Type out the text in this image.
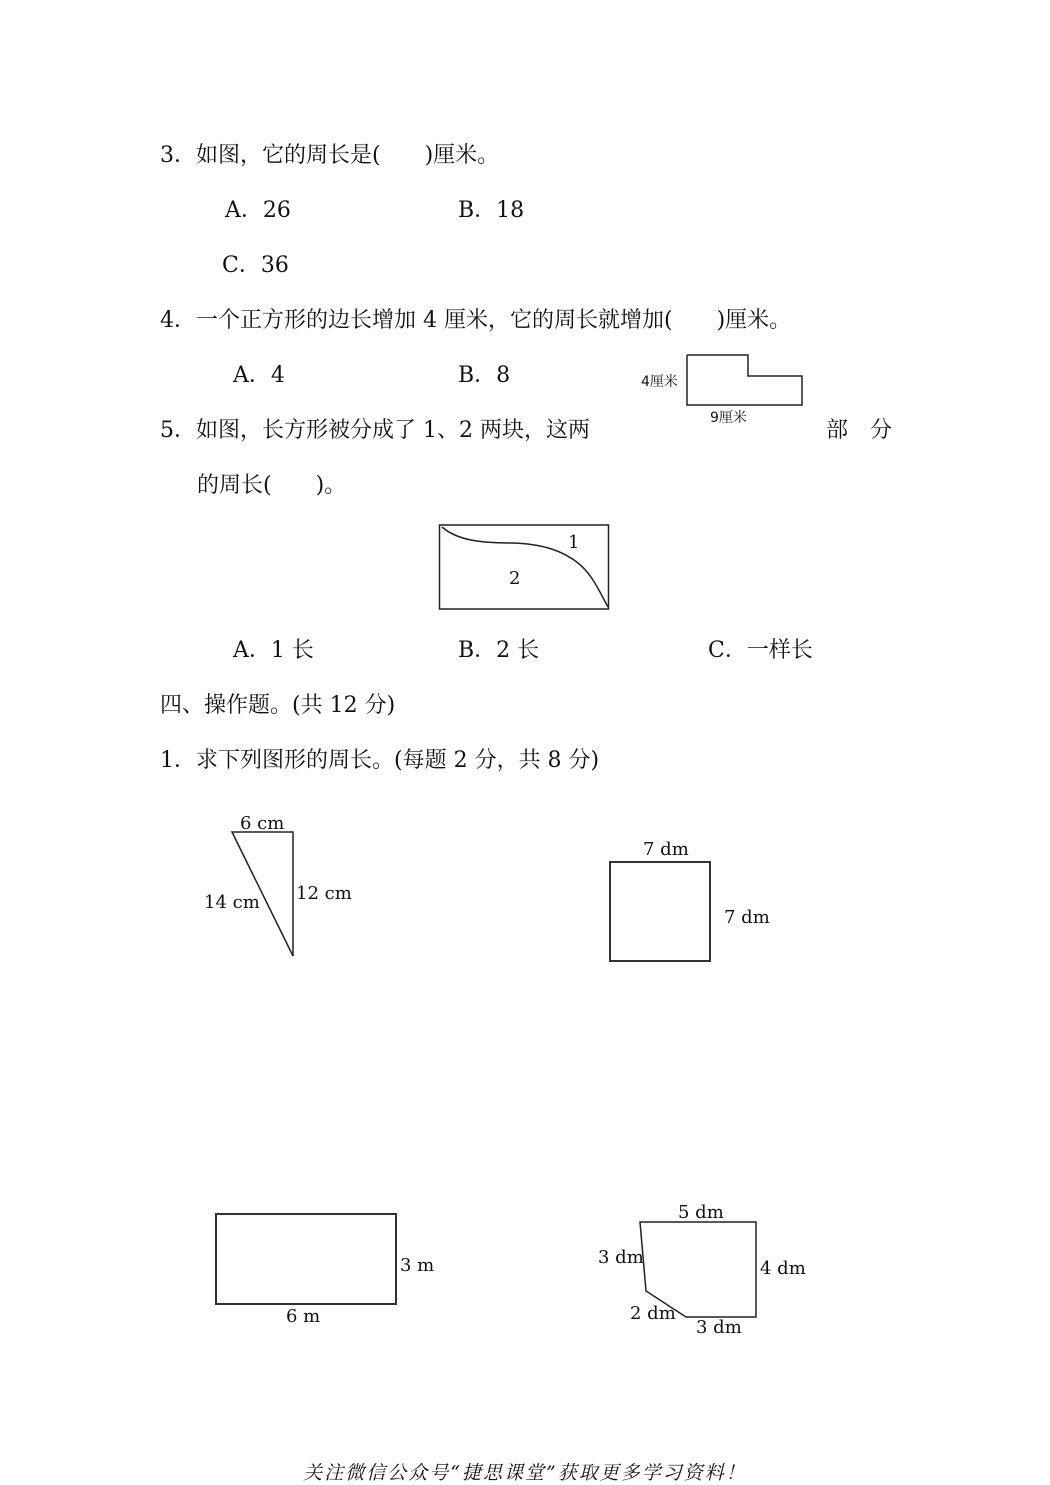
3．如图，它的周长是(　　)厘米。
A．26	B．18
C．36
4．一个正方形的边长增加 4 厘米，它的周长就增加(　　)厘米。
A．4	B．8	4厘米
9厘米
5．如图，长方形被分成了 1、2 两块，这两	部　分
的周长(　　)。
1
2
A．1 长	B．2 长	C．一样长
四、操作题。(共 12 分)
1．求下列图形的周长。(每题 2 分，共 8 分)
6 cm
14 cm 12 cm
7 dm
7 dm
3 m
6 m
5 dm
3 dm
4 dm
2 dm
3 dm
关注微信公众号“捷思课堂”获取更多学习资料！
